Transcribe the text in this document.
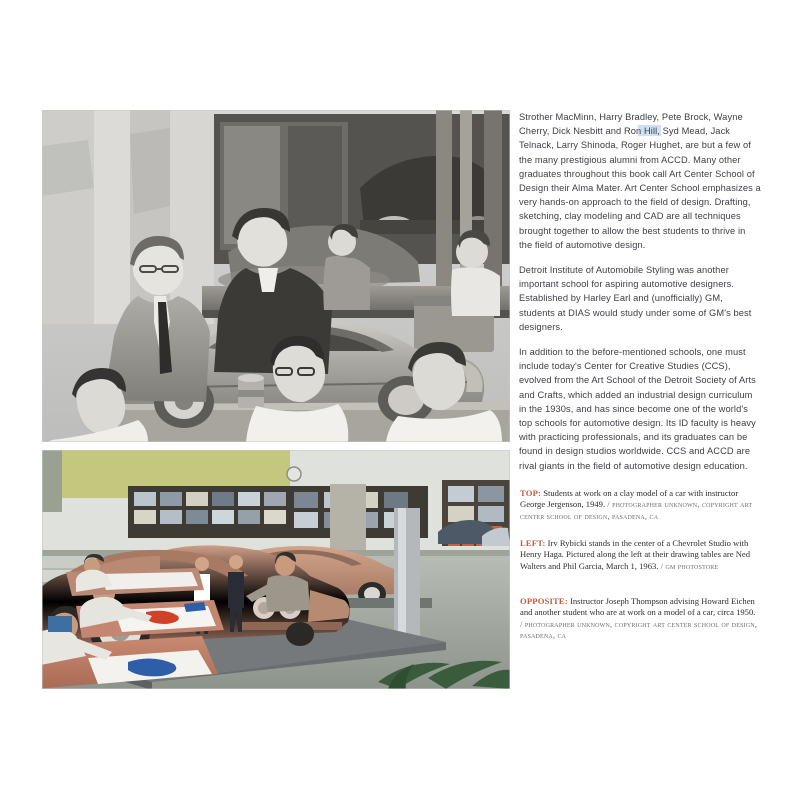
Strother MacMinn, Harry Bradley, Pete Brock, Wayne Cherry, Dick Nesbitt and Ron Hill, Syd Mead, Jack Telnack, Larry Shinoda, Roger Hughet, are but a few of the many prestigious alumni from ACCD. Many other graduates throughout this book call Art Center School of Design their Alma Mater. Art Center School emphasizes a very hands-on approach to the field of design. Drafting, sketching, clay modeling and CAD are all techniques brought together to allow the best students to thrive in the field of automotive design.

Detroit Institute of Automobile Styling was another important school for aspiring automotive designers. Established by Harley Earl and (unofficially) GM, students at DIAS would study under some of GM's best designers.

In addition to the before-mentioned schools, one must include today's Center for Creative Studies (CCS), evolved from the Art School of the Detroit Society of Arts and Crafts, which added an industrial design curriculum in the 1930s, and has since become one of the world's top schools for automotive design. Its ID faculty is heavy with practicing professionals, and its graduates can be found in design studios worldwide. CCS and ACCD are rival giants in the field of automotive design education.

TOP: Students at work on a clay model of a car with instructor George Jergenson, 1949. / photographer unknown, copyright art center school of design, pasadena, ca

LEFT: Irv Rybicki stands in the center of a Chevrolet Studio with Henry Haga. Pictured along the left at their drawing tables are Ned Walters and Phil Garcia, March 1, 1963. / gm photostore

OPPOSITE: Instructor Joseph Thompson advising Howard Eichen and another student who are at work on a model of a car, circa 1950. / photographer unknown, copyright art center school of design, pasadena, ca
